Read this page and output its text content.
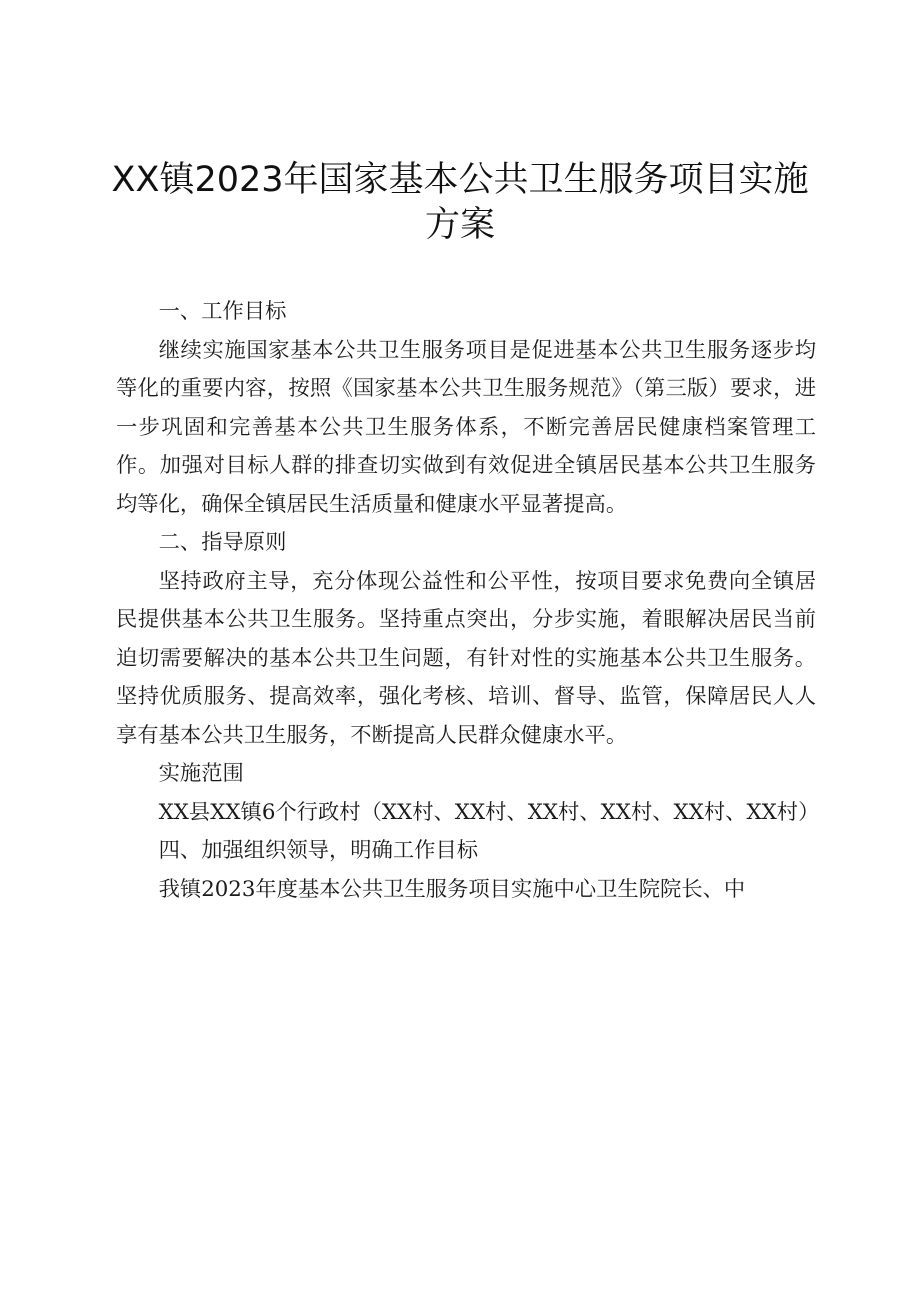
XX镇2023年国家基本公共卫生服务项目实施
方案

一、工作目标

继续实施国家基本公共卫生服务项目是促进基本公共卫生服务逐步均等化的重要内容，按照《国家基本公共卫生服务规范》（第三版）要求，进一步巩固和完善基本公共卫生服务体系，不断完善居民健康档案管理工作。加强对目标人群的排查切实做到有效促进全镇居民基本公共卫生服务均等化，确保全镇居民生活质量和健康水平显著提高。

二、指导原则

坚持政府主导，充分体现公益性和公平性，按项目要求免费向全镇居民提供基本公共卫生服务。坚持重点突出，分步实施，着眼解决居民当前迫切需要解决的基本公共卫生问题，有针对性的实施基本公共卫生服务。坚持优质服务、提高效率，强化考核、培训、督导、监管，保障居民人人享有基本公共卫生服务，不断提高人民群众健康水平。

实施范围

XX县XX镇6个行政村（XX村、XX村、XX村、XX村、XX村、XX村）

四、加强组织领导，明确工作目标

我镇2023年度基本公共卫生服务项目实施中心卫生院院长、中
